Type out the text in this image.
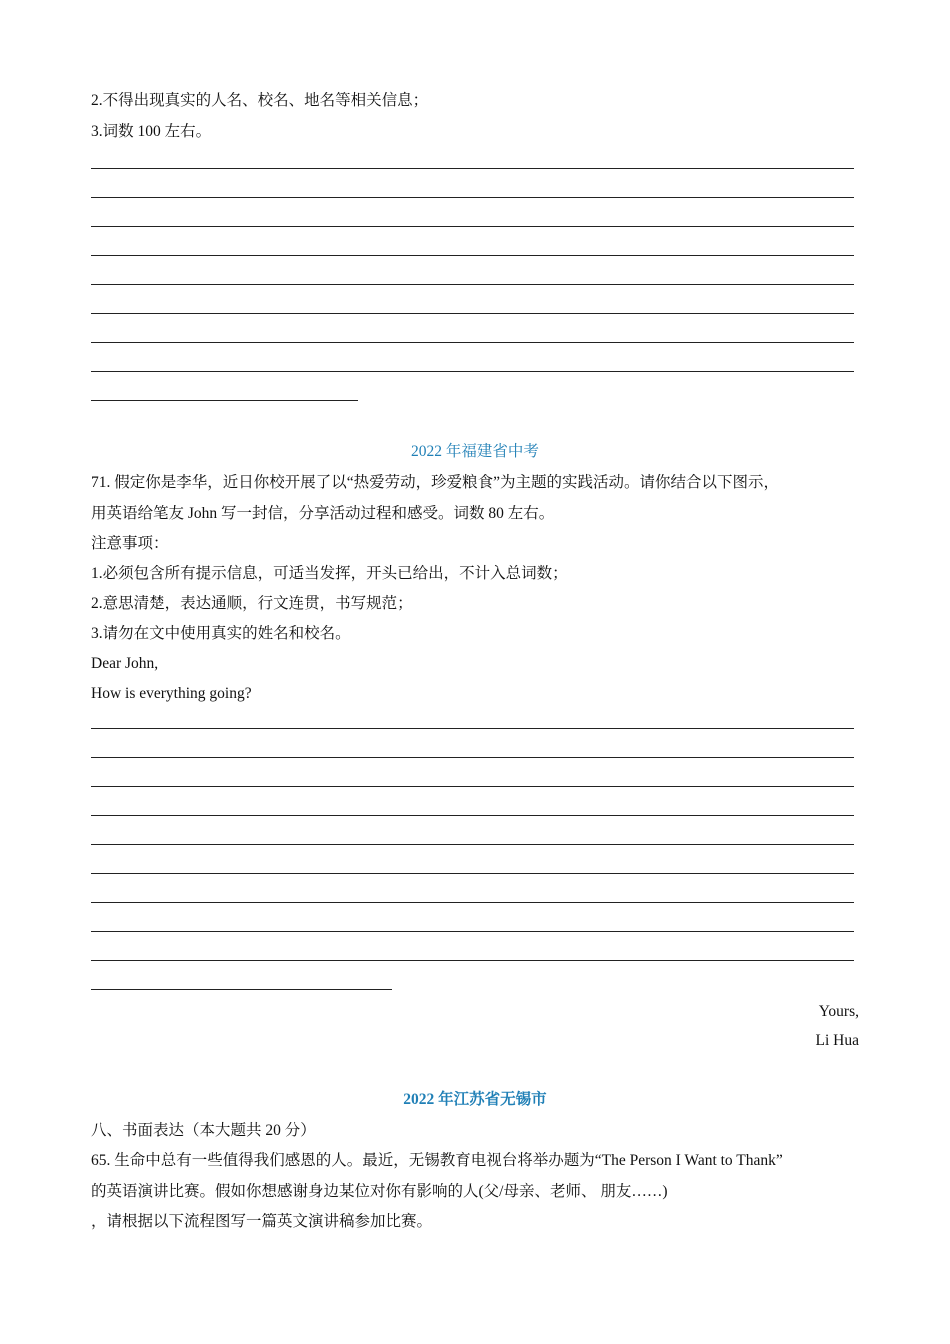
2.不得出现真实的人名、校名、地名等相关信息；
3.词数 100 左右。
2022 年福建省中考
71. 假定你是李华，近日你校开展了以“热爱劳动，珍爱粮食”为主题的实践活动。请你结合以下图示，
用英语给笔友 John 写一封信，分享活动过程和感受。词数 80 左右。
注意事项：
1.必须包含所有提示信息，可适当发挥，开头已给出，不计入总词数；
2.意思清楚，表达通顺，行文连贯，书写规范；
3.请勿在文中使用真实的姓名和校名。
Dear John,
How is everything going?
Yours,
Li Hua
2022 年江苏省无锡市
八、书面表达（本大题共 20 分）
65. 生命中总有一些值得我们感恩的人。最近，无锡教育电视台将举办题为“The Person I Want to Thank”
的英语演讲比赛。假如你想感谢身边某位对你有影响的人(父/母亲、老师、 朋友……)
，请根据以下流程图写一篇英文演讲稿参加比赛。
